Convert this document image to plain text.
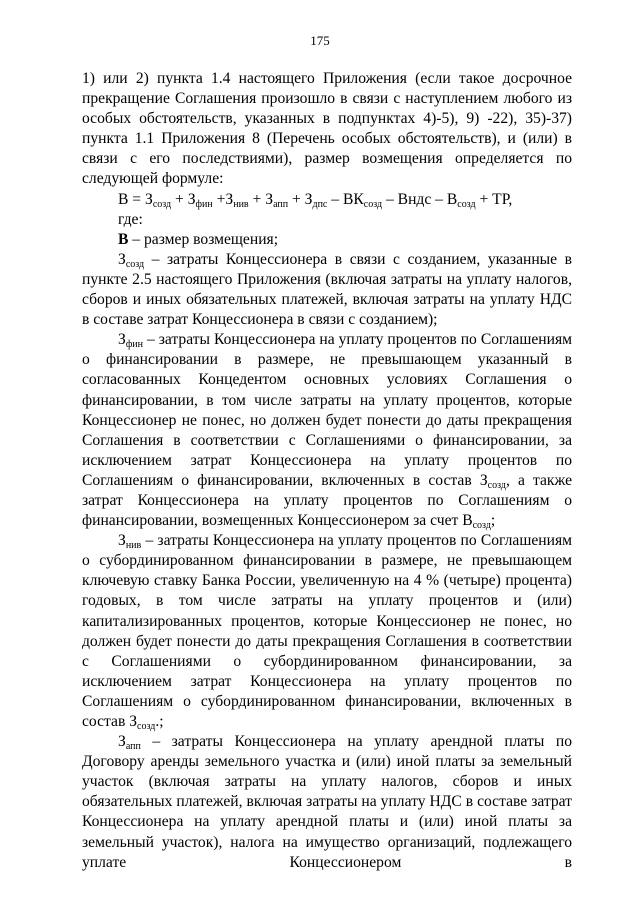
175

1) или 2) пункта 1.4 настоящего Приложения (если такое досрочное прекращение Соглашения произошло в связи с наступлением любого из особых обстоятельств, указанных в подпунктах 4)-5), 9) -22), 35)-37) пункта 1.1 Приложения 8 (Перечень особых обстоятельств), и (или) в связи с его последствиями), размер возмещения определяется по следующей формуле:

$В = З_{созд} + З_{фин} +З_{нив} + З_{апп} + З_{дпс} - ВК_{созд}$ – Вндс – $В_{созд}$ + ТР,

где:

В – размер возмещения;

$З_{созд}$ – затраты Концессионера в связи с созданием, указанные в пункте 2.5 настоящего Приложения (включая затраты на уплату налогов, сборов и иных обязательных платежей, включая затраты на уплату НДС в составе затрат Концессионера в связи с созданием);

$З_{фин}$ – затраты Концессионера на уплату процентов по Соглашениям о финансировании в размере, не превышающем указанный в согласованных Концедентом основных условиях Соглашения о финансировании, в том числе затраты на уплату процентов, которые Концессионер не понес, но должен будет понести до даты прекращения Соглашения в соответствии с Соглашениями о финансировании, за исключением затрат Концессионера на уплату процентов по Соглашениям о финансировании, включенных в состав $З_{созд}$, а также затрат Концессионера на уплату процентов по Соглашениям о финансировании, возмещенных Концессионером за счет $В_{созд}$;

$З_{нив}$ – затраты Концессионера на уплату процентов по Соглашениям о субординированном финансировании в размере, не превышающем ключевую ставку Банка России, увеличенную на 4 % (четыре) процента) годовых, в том числе затраты на уплату процентов и (или) капитализированных процентов, которые Концессионер не понес, но должен будет понести до даты прекращения Соглашения в соответствии с Соглашениями о субординированном финансировании, за исключением затрат Концессионера на уплату процентов по Соглашениям о субординированном финансировании, включенных в состав $З_{созд}$.;

$З_{апп}$ – затраты Концессионера на уплату арендной платы по Договору аренды земельного участка и (или) иной платы за земельный участок (включая затраты на уплату налогов, сборов и иных обязательных платежей, включая затраты на уплату НДС в составе затрат Концессионера на уплату арендной платы и (или) иной платы за земельный участок), налога на имущество организаций, подлежащего уплате Концессионером в
